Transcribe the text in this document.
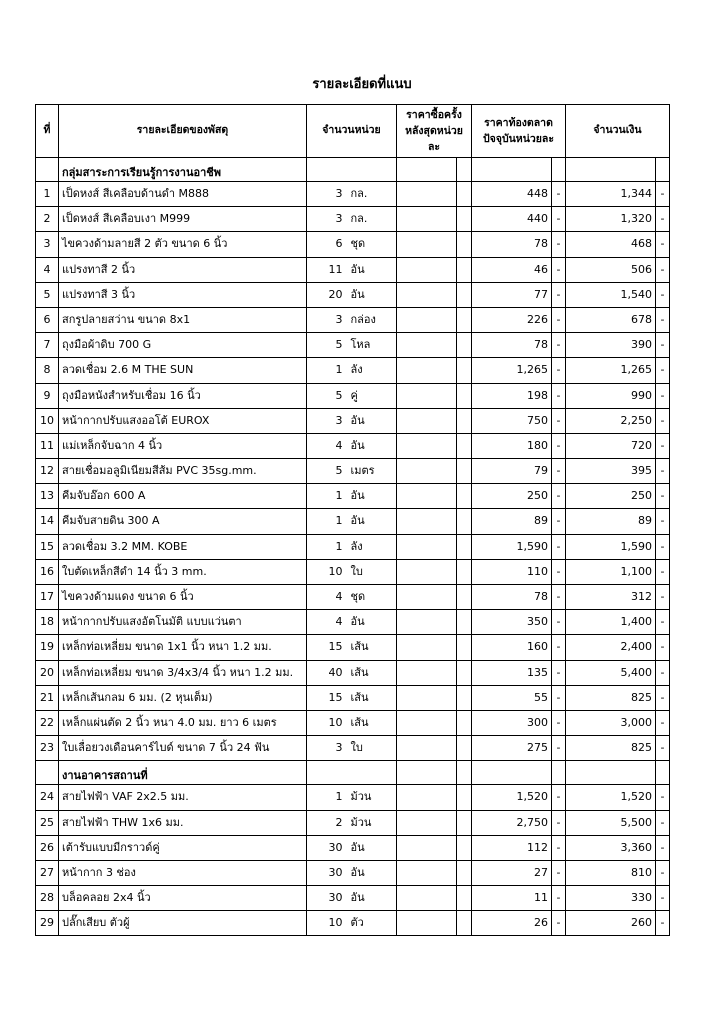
รายละเอียดที่แนบ
ที่	รายละเอียดของพัสดุ	จำนวนหน่วย		ราคาซื้อครั้งหลังสุดหน่วยละ		ราคาท้องตลาดปัจจุบันหน่วยละ		จำนวนเงิน	
	กลุ่มสาระการเรียนรู้การงานอาชีพ								
1	เป็ดหงส์ สีเคลือบด้านดำ M888	3	กล.			448	-	1,344	-
2	เป็ดหงส์ สีเคลือบเงา M999	3	กล.			440	-	1,320	-
3	ไขควงด้ามลายสี 2 ตัว ขนาด 6 นิ้ว	6	ชุด			78	-	468	-
4	แปรงทาสี 2 นิ้ว	11	อัน			46	-	506	-
5	แปรงทาสี 3 นิ้ว	20	อัน			77	-	1,540	-
6	สกรูปลายสว่าน ขนาด 8x1	3	กล่อง			226	-	678	-
7	ถุงมือผ้าดิบ 700 G	5	โหล			78	-	390	-
8	ลวดเชื่อม 2.6 M THE SUN	1	ลัง			1,265	-	1,265	-
9	ถุงมือหนังสำหรับเชื่อม 16 นิ้ว	5	คู่			198	-	990	-
10	หน้ากากปรับแสงออโต้ EUROX	3	อัน			750	-	2,250	-
11	แม่เหล็กจับฉาก 4 นิ้ว	4	อัน			180	-	720	-
12	สายเชื่อมอลูมิเนียมสีส้ม PVC 35sg.mm.	5	เมตร			79	-	395	-
13	คีมจับอ๊อก 600 A	1	อัน			250	-	250	-
14	คีมจับสายดิน 300 A	1	อัน			89	-	89	-
15	ลวดเชื่อม 3.2 MM. KOBE	1	ลัง			1,590	-	1,590	-
16	ใบตัดเหล็กสีดำ 14 นิ้ว 3 mm.	10	ใบ			110	-	1,100	-
17	ไขควงด้ามแดง ขนาด 6 นิ้ว	4	ชุด			78	-	312	-
18	หน้ากากปรับแสงอัตโนมัติ แบบแว่นตา	4	อัน			350	-	1,400	-
19	เหล็กท่อเหลี่ยม ขนาด 1x1 นิ้ว หนา 1.2 มม.	15	เส้น			160	-	2,400	-
20	เหล็กท่อเหลี่ยม ขนาด 3/4x3/4 นิ้ว หนา 1.2 มม.	40	เส้น			135	-	5,400	-
21	เหล็กเส้นกลม 6 มม. (2 หุนเต็ม)	15	เส้น			55	-	825	-
22	เหล็กแผ่นตัด 2 นิ้ว หนา 4.0 มม. ยาว 6 เมตร	10	เส้น			300	-	3,000	-
23	ใบเลื่อยวงเดือนคาร์ไบด์ ขนาด 7 นิ้ว 24 ฟัน	3	ใบ			275	-	825	-
	งานอาคารสถานที่								
24	สายไฟฟ้า VAF 2x2.5 มม.	1	ม้วน			1,520	-	1,520	-
25	สายไฟฟ้า THW 1x6 มม.	2	ม้วน			2,750	-	5,500	-
26	เต้ารับแบบมีกราวด์คู่	30	อัน			112	-	3,360	-
27	หน้ากาก 3 ช่อง	30	อัน			27	-	810	-
28	บล็อคลอย 2x4 นิ้ว	30	อัน			11	-	330	-
29	ปลั๊กเสียบ ตัวผู้	10	ตัว			26	-	260	-
